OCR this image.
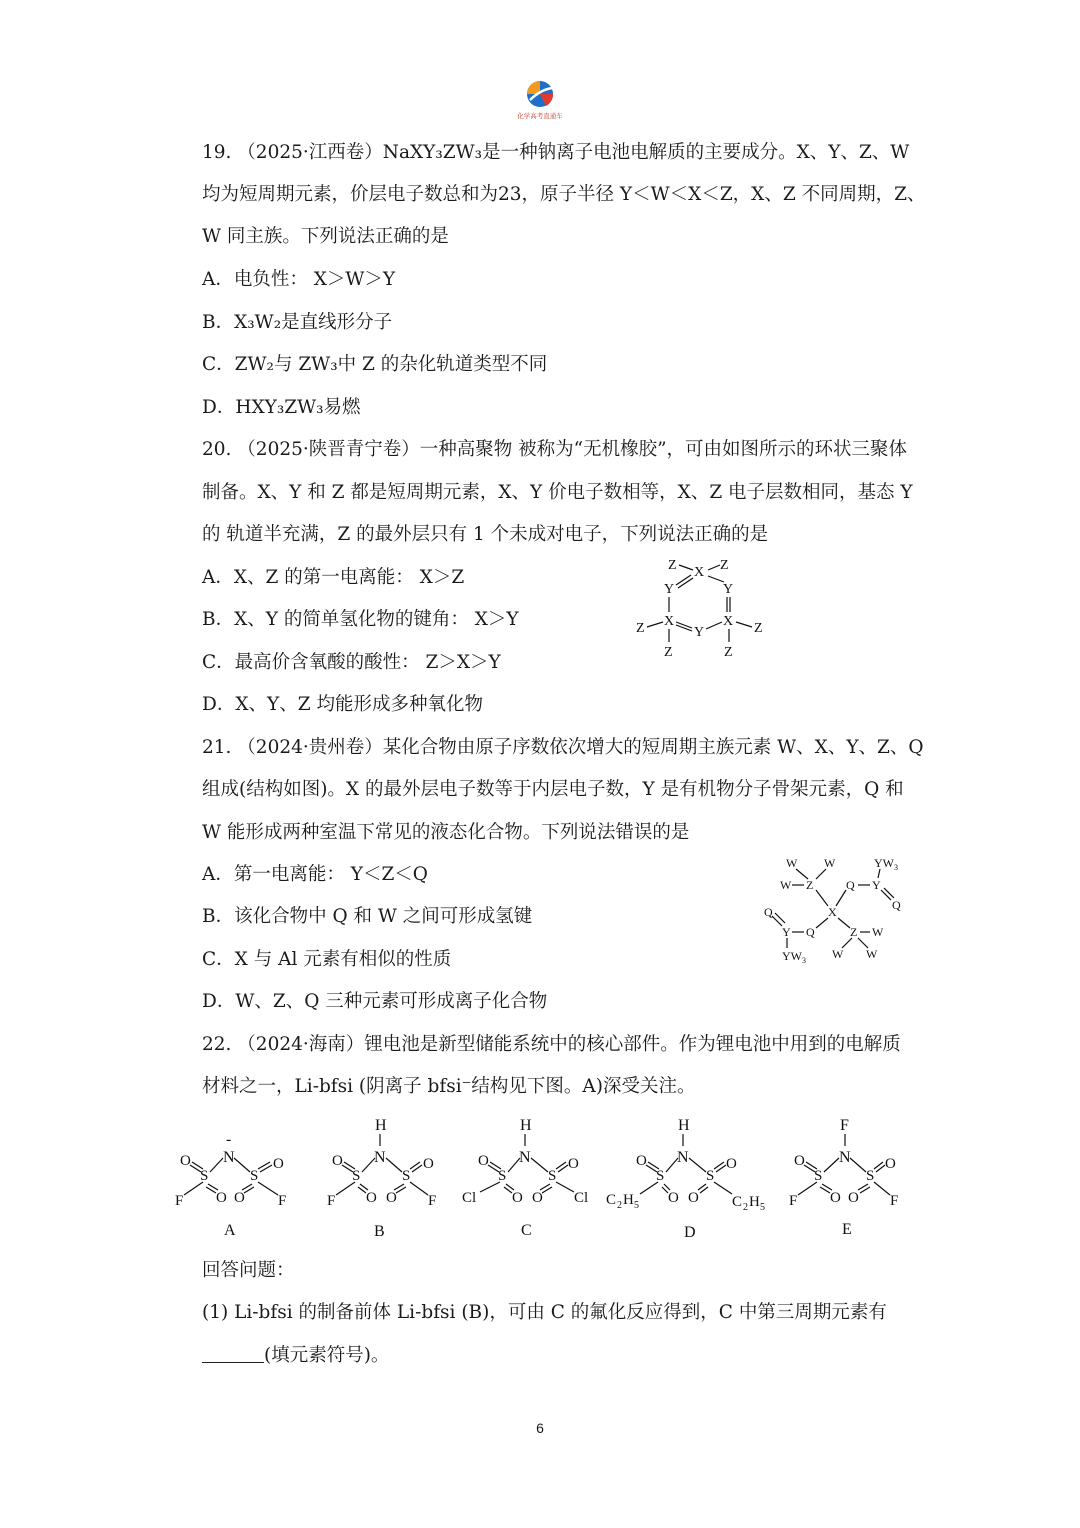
化学高考直通车
19. （2025·江西卷）NaXY₃ZW₃是一种钠离子电池电解质的主要成分。X、Y、Z、W
均为短周期元素，价层电子数总和为23，原子半径 Y＜W＜X＜Z，X、Z 不同周期，Z、
W 同主族。下列说法正确的是
A．电负性： X＞W＞Y
B．X₃W₂是直线形分子
C．ZW₂与 ZW₃中 Z 的杂化轨道类型不同
D．HXY₃ZW₃易燃
20. （2025·陕晋青宁卷）一种高聚物 被称为“无机橡胶”，可由如图所示的环状三聚体
制备。X、Y 和 Z 都是短周期元素，X、Y 价电子数相等，X、Z 电子层数相同，基态 Y
的 轨道半充满，Z 的最外层只有 1 个未成对电子，下列说法正确的是
A．X、Z 的第一电离能： X＞Z
B．X、Y 的简单氢化物的键角： X＞Y
C．最高价含氧酸的酸性： Z＞X＞Y
D．X、Y、Z 均能形成多种氧化物
Z X Z
Y	Y
Z X
Y
X Z
Z	Z
21. （2024·贵州卷）某化合物由原子序数依次增大的短周期主族元素 W、X、Y、Z、Q
组成(结构如图)。X 的最外层电子数等于内层电子数，Y 是有机物分子骨架元素，Q 和
W 能形成两种室温下常见的液态化合物。下列说法错误的是
A．第一电离能： Y＜Z＜Q
B．该化合物中 Q 和 W 之间可形成氢键
C．X 与 Al 元素有相似的性质
D．W、Z、Q 三种元素可形成离子化合物
W W	YW 3
W Z	Q Y
Q
X
Q
Y Q	Z W
YW 3 W W
22. （2024·海南）锂电池是新型储能系统中的核心部件。作为锂电池中用到的电解质
材料之一，Li-bfsi (阴离子 bfsi⁻结构见下图。A)深受关注。
-
N
O
S	S
O
F O O F
A
H
N
O
S	S
O
F O O F
B
H
N
O
S	S
O
Cl O O Cl
C
H
N
O
S	S
O
C 2 H 5 O O C 2 H 5
D
F
N
O
S	S
O
F O O F
E
回答问题：
(1) Li-bfsi 的制备前体 Li-bfsi (B)，可由 C 的氟化反应得到，C 中第三周期元素有
(填元素符号)。
6
